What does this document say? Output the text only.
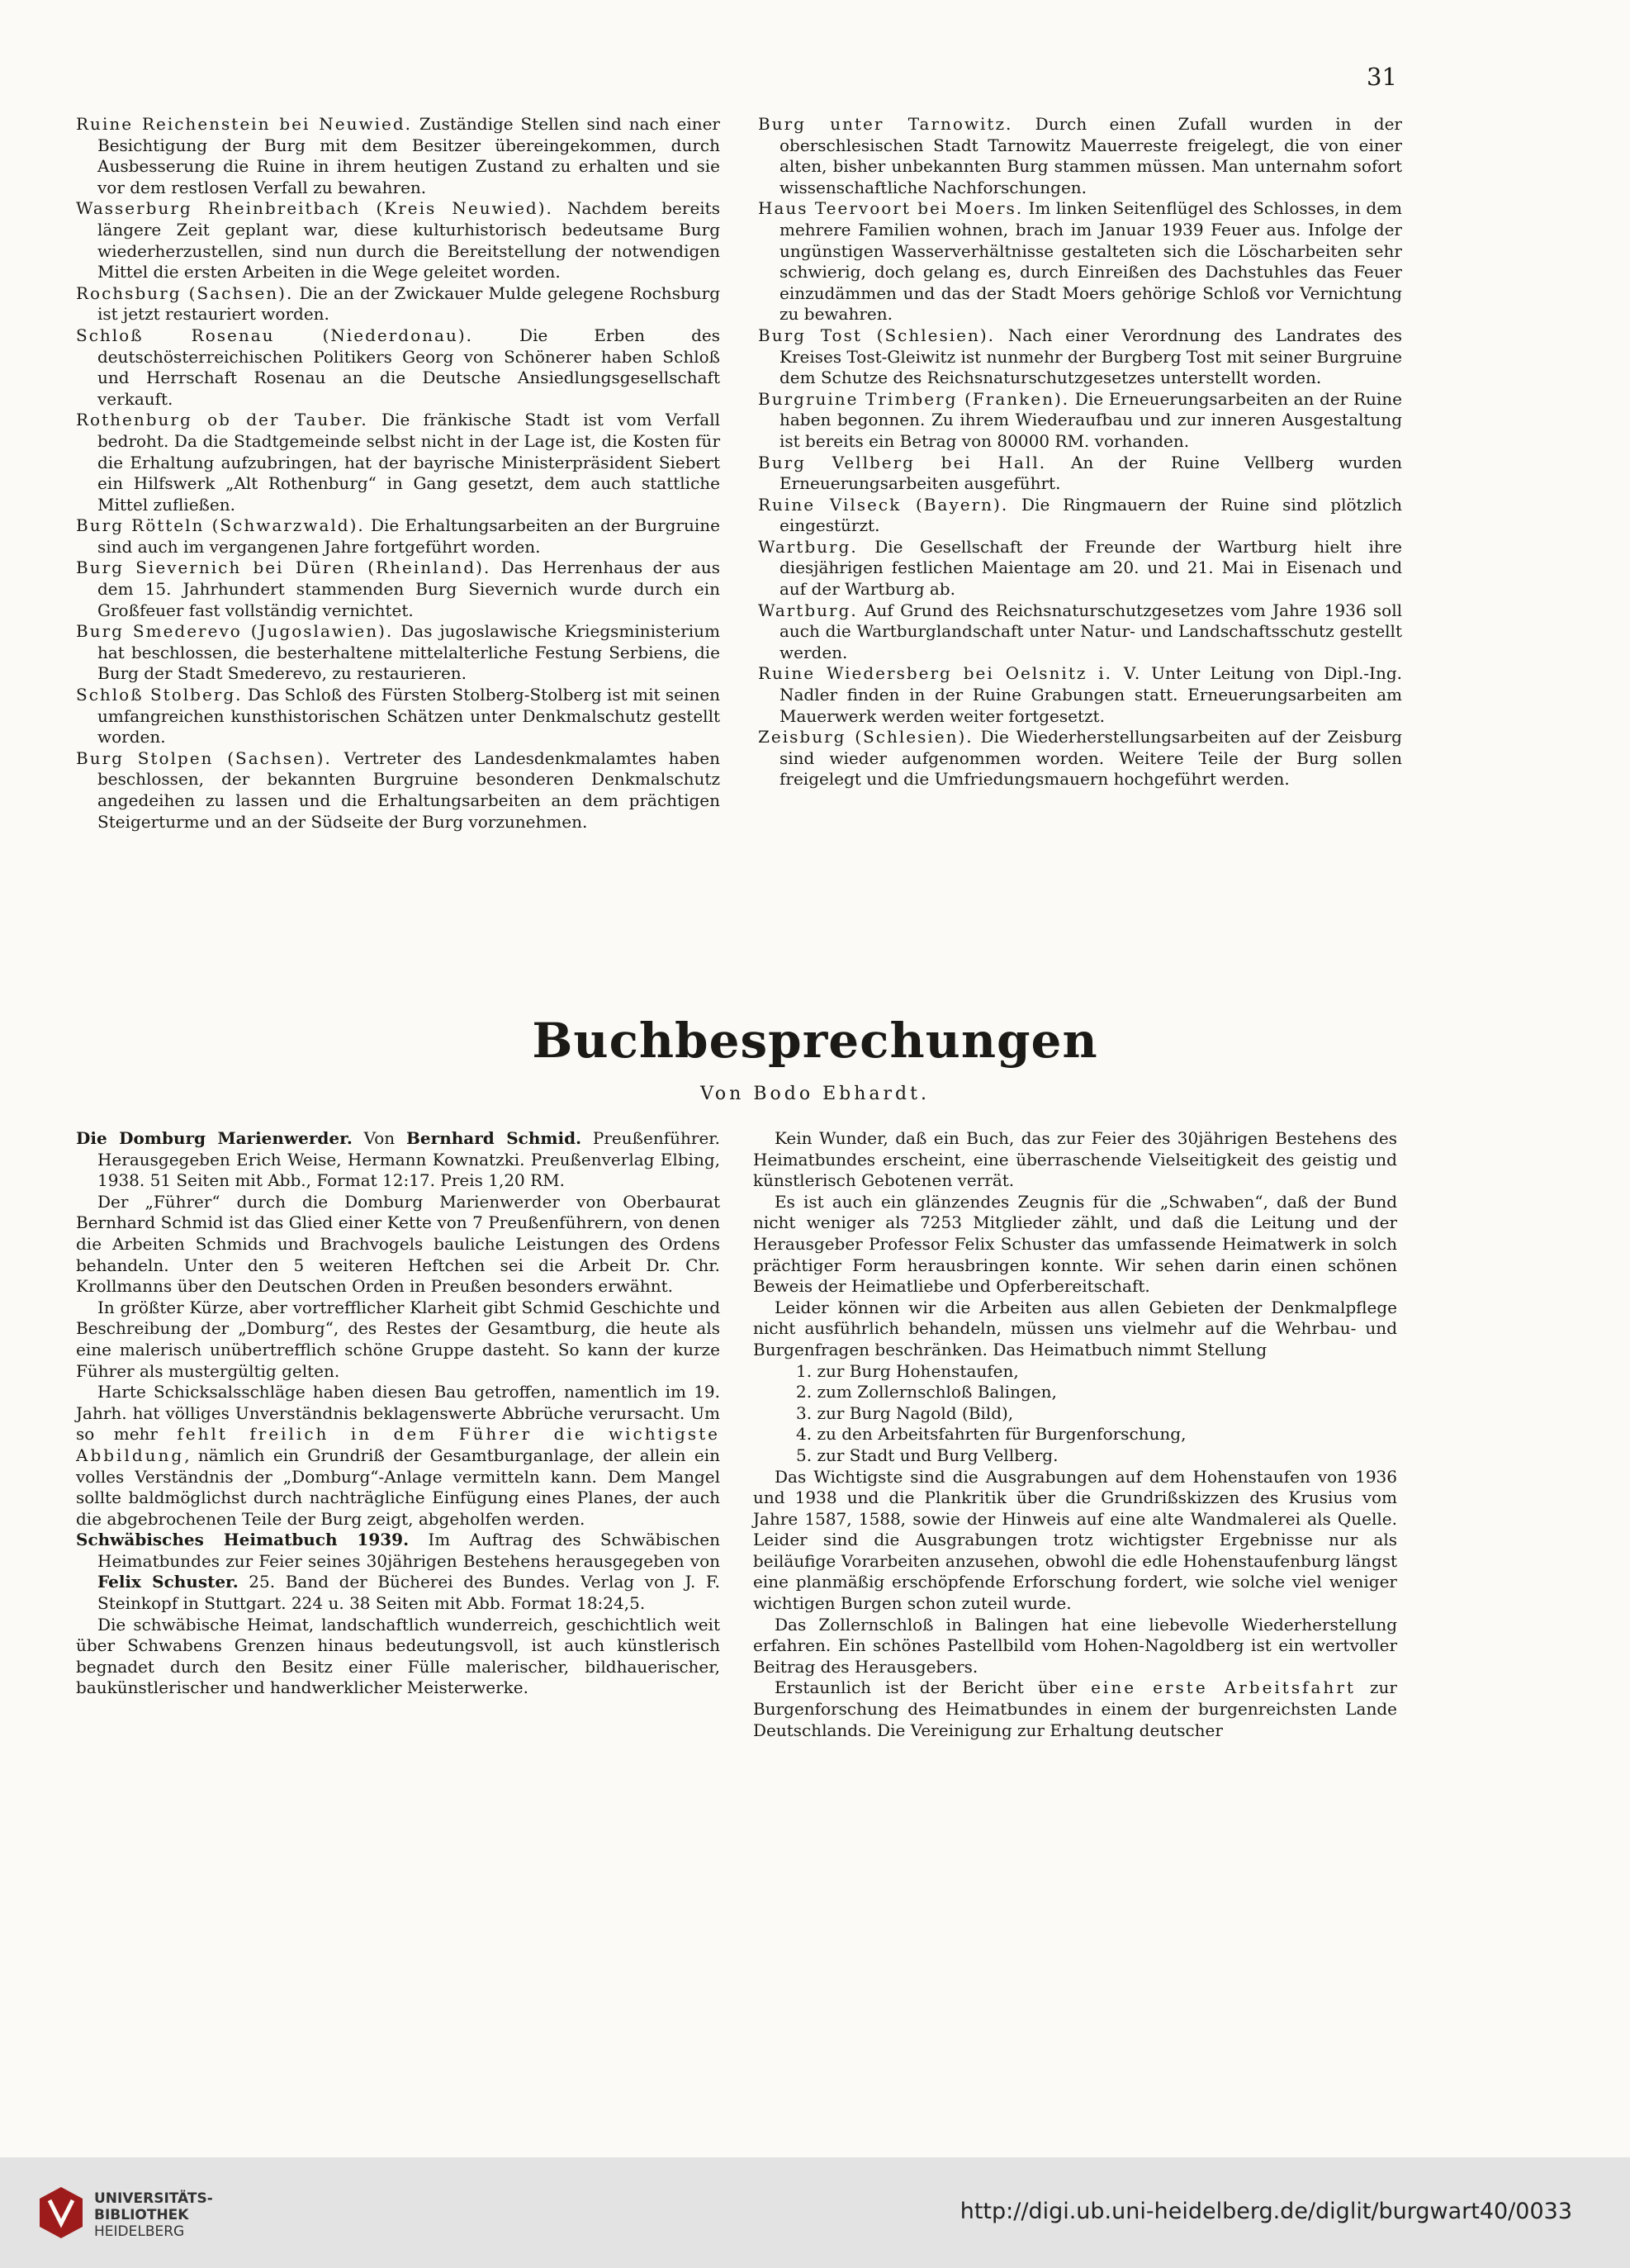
31

Ruine Reichenstein bei Neuwied. Zuständige Stellen sind nach einer Besichtigung der Burg mit dem Besitzer übereingekommen, durch Ausbesserung die Ruine in ihrem heutigen Zustand zu erhalten und sie vor dem restlosen Verfall zu bewahren.

Wasserburg Rheinbreitbach (Kreis Neuwied). Nachdem bereits längere Zeit geplant war, diese kulturhistorisch bedeutsame Burg wiederherzustellen, sind nun durch die Bereitstellung der notwendigen Mittel die ersten Arbeiten in die Wege geleitet worden.

Rochsburg (Sachsen). Die an der Zwickauer Mulde gelegene Rochsburg ist jetzt restauriert worden.

Schloß Rosenau (Niederdonau). Die Erben des deutschösterreichischen Politikers Georg von Schönerer haben Schloß und Herrschaft Rosenau an die Deutsche Ansiedlungsgesellschaft verkauft.

Rothenburg ob der Tauber. Die fränkische Stadt ist vom Verfall bedroht. Da die Stadtgemeinde selbst nicht in der Lage ist, die Kosten für die Erhaltung aufzubringen, hat der bayrische Ministerpräsident Siebert ein Hilfswerk „Alt Rothenburg“ in Gang gesetzt, dem auch stattliche Mittel zufließen.

Burg Rötteln (Schwarzwald). Die Erhaltungsarbeiten an der Burgruine sind auch im vergangenen Jahre fortgeführt worden.

Burg Sievernich bei Düren (Rheinland). Das Herrenhaus der aus dem 15. Jahrhundert stammenden Burg Sievernich wurde durch ein Großfeuer fast vollständig vernichtet.

Burg Smederevo (Jugoslawien). Das jugoslawische Kriegsministerium hat beschlossen, die besterhaltene mittelalterliche Festung Serbiens, die Burg der Stadt Smederevo, zu restaurieren.

Schloß Stolberg. Das Schloß des Fürsten Stolberg-Stolberg ist mit seinen umfangreichen kunsthistorischen Schätzen unter Denkmalschutz gestellt worden.

Burg Stolpen (Sachsen). Vertreter des Landesdenkmalamtes haben beschlossen, der bekannten Burgruine besonderen Denkmalschutz angedeihen zu lassen und die Erhaltungsarbeiten an dem prächtigen Steigerturme und an der Südseite der Burg vorzunehmen.

Burg unter Tarnowitz. Durch einen Zufall wurden in der oberschlesischen Stadt Tarnowitz Mauerreste freigelegt, die von einer alten, bisher unbekannten Burg stammen müssen. Man unternahm sofort wissenschaftliche Nachforschungen.

Haus Teervoort bei Moers. Im linken Seitenflügel des Schlosses, in dem mehrere Familien wohnen, brach im Januar 1939 Feuer aus. Infolge der ungünstigen Wasserverhältnisse gestalteten sich die Löscharbeiten sehr schwierig, doch gelang es, durch Einreißen des Dachstuhles das Feuer einzudämmen und das der Stadt Moers gehörige Schloß vor Vernichtung zu bewahren.

Burg Tost (Schlesien). Nach einer Verordnung des Landrates des Kreises Tost-Gleiwitz ist nunmehr der Burgberg Tost mit seiner Burgruine dem Schutze des Reichsnaturschutzgesetzes unterstellt worden.

Burgruine Trimberg (Franken). Die Erneuerungsarbeiten an der Ruine haben begonnen. Zu ihrem Wiederaufbau und zur inneren Ausgestaltung ist bereits ein Betrag von 80000 RM. vorhanden.

Burg Vellberg bei Hall. An der Ruine Vellberg wurden Erneuerungsarbeiten ausgeführt.

Ruine Vilseck (Bayern). Die Ringmauern der Ruine sind plötzlich eingestürzt.

Wartburg. Die Gesellschaft der Freunde der Wartburg hielt ihre diesjährigen festlichen Maientage am 20. und 21. Mai in Eisenach und auf der Wartburg ab.

Wartburg. Auf Grund des Reichsnaturschutzgesetzes vom Jahre 1936 soll auch die Wartburglandschaft unter Natur- und Landschaftsschutz gestellt werden.

Ruine Wiedersberg bei Oelsnitz i. V. Unter Leitung von Dipl.-Ing. Nadler finden in der Ruine Grabungen statt. Erneuerungsarbeiten am Mauerwerk werden weiter fortgesetzt.

Zeisburg (Schlesien). Die Wiederherstellungsarbeiten auf der Zeisburg sind wieder aufgenommen worden. Weitere Teile der Burg sollen freigelegt und die Umfriedungsmauern hochgeführt werden.

Buchbesprechungen
Von Bodo Ebhardt.

Die Domburg Marienwerder. Von Bernhard Schmid. Preußenführer. Herausgegeben Erich Weise, Hermann Kownatzki. Preußenverlag Elbing, 1938. 51 Seiten mit Abb., Format 12:17. Preis 1,20 RM.

Der „Führer“ durch die Domburg Marienwerder von Oberbaurat Bernhard Schmid ist das Glied einer Kette von 7 Preußenführern, von denen die Arbeiten Schmids und Brachvogels bauliche Leistungen des Ordens behandeln. Unter den 5 weiteren Heftchen sei die Arbeit Dr. Chr. Krollmanns über den Deutschen Orden in Preußen besonders erwähnt.

In größter Kürze, aber vortrefflicher Klarheit gibt Schmid Geschichte und Beschreibung der „Domburg“, des Restes der Gesamtburg, die heute als eine malerisch unübertrefflich schöne Gruppe dasteht. So kann der kurze Führer als mustergültig gelten.

Harte Schicksalsschläge haben diesen Bau getroffen, namentlich im 19. Jahrh. hat völliges Unverständnis beklagenswerte Abbrüche verursacht. Um so mehr fehlt freilich in dem Führer die wichtigste Abbildung, nämlich ein Grundriß der Gesamtburganlage, der allein ein volles Verständnis der „Domburg“-Anlage vermitteln kann. Dem Mangel sollte baldmöglichst durch nachträgliche Einfügung eines Planes, der auch die abgebrochenen Teile der Burg zeigt, abgeholfen werden.

Schwäbisches Heimatbuch 1939. Im Auftrag des Schwäbischen Heimatbundes zur Feier seines 30jährigen Bestehens herausgegeben von Felix Schuster. 25. Band der Bücherei des Bundes. Verlag von J. F. Steinkopf in Stuttgart. 224 u. 38 Seiten mit Abb. Format 18:24,5.

Die schwäbische Heimat, landschaftlich wunderreich, geschichtlich weit über Schwabens Grenzen hinaus bedeutungsvoll, ist auch künstlerisch begnadet durch den Besitz einer Fülle malerischer, bildhauerischer, baukünstlerischer und handwerklicher Meisterwerke.

Kein Wunder, daß ein Buch, das zur Feier des 30jährigen Bestehens des Heimatbundes erscheint, eine überraschende Vielseitigkeit des geistig und künstlerisch Gebotenen verrät.

Es ist auch ein glänzendes Zeugnis für die „Schwaben“, daß der Bund nicht weniger als 7253 Mitglieder zählt, und daß die Leitung und der Herausgeber Professor Felix Schuster das umfassende Heimatwerk in solch prächtiger Form herausbringen konnte. Wir sehen darin einen schönen Beweis der Heimatliebe und Opferbereitschaft.

Leider können wir die Arbeiten aus allen Gebieten der Denkmalpflege nicht ausführlich behandeln, müssen uns vielmehr auf die Wehrbau- und Burgenfragen beschränken. Das Heimatbuch nimmt Stellung

1. zur Burg Hohenstaufen,
2. zum Zollernschloß Balingen,
3. zur Burg Nagold (Bild),
4. zu den Arbeitsfahrten für Burgenforschung,
5. zur Stadt und Burg Vellberg.

Das Wichtigste sind die Ausgrabungen auf dem Hohenstaufen von 1936 und 1938 und die Plankritik über die Grundrißskizzen des Krusius vom Jahre 1587, 1588, sowie der Hinweis auf eine alte Wandmalerei als Quelle. Leider sind die Ausgrabungen trotz wichtigster Ergebnisse nur als beiläufige Vorarbeiten anzusehen, obwohl die edle Hohenstaufenburg längst eine planmäßig erschöpfende Erforschung fordert, wie solche viel weniger wichtigen Burgen schon zuteil wurde.

Das Zollernschloß in Balingen hat eine liebevolle Wiederherstellung erfahren. Ein schönes Pastellbild vom Hohen-Nagoldberg ist ein wertvoller Beitrag des Herausgebers.

Erstaunlich ist der Bericht über eine erste Arbeitsfahrt zur Burgenforschung des Heimatbundes in einem der burgenreichsten Lande Deutschlands. Die Vereinigung zur Erhaltung deutscher

UNIVERSITÄTS-
BIBLIOTHEK
HEIDELBERG
http://digi.ub.uni-heidelberg.de/diglit/burgwart40/0033
